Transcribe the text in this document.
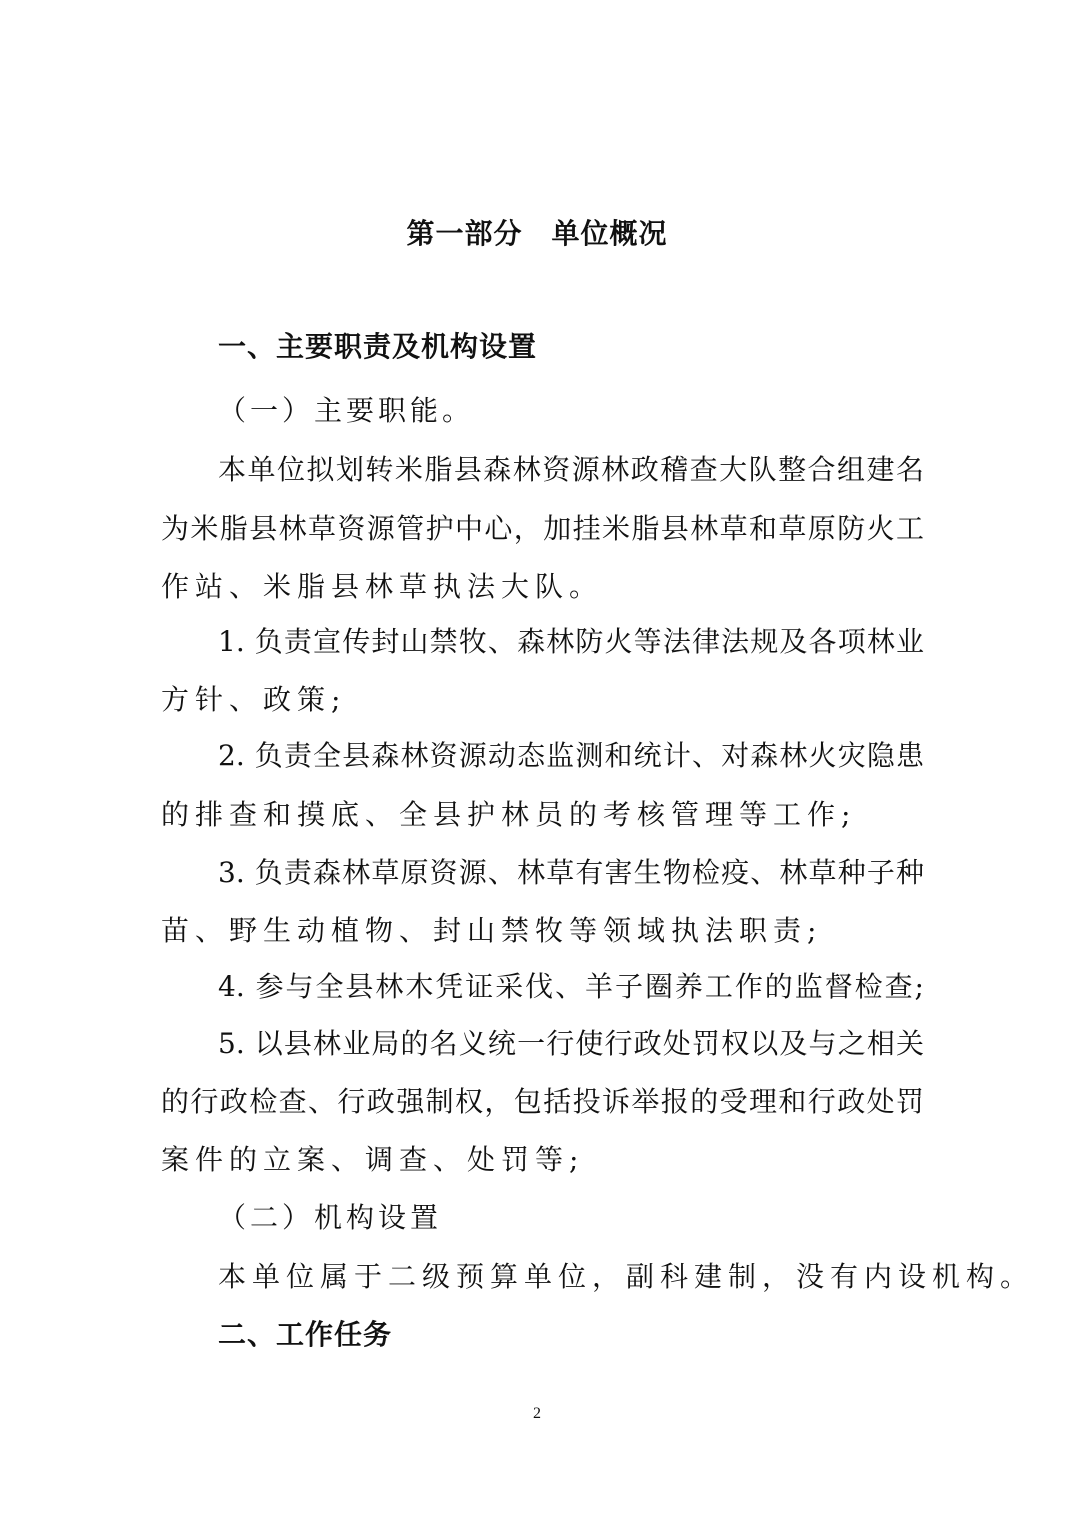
第一部分　单位概况
一、主要职责及机构设置
（一）主要职能。
本单位拟划转米脂县森林资源林政稽查大队整合组建名
为米脂县林草资源管护中心，加挂米脂县林草和草原防火工
作站、米脂县林草执法大队。
1. 负责宣传封山禁牧、森林防火等法律法规及各项林业
方针、政策;
2. 负责全县森林资源动态监测和统计、对森林火灾隐患
的排查和摸底、全县护林员的考核管理等工作;
3. 负责森林草原资源、林草有害生物检疫、林草种子种
苗、野生动植物、封山禁牧等领域执法职责;
4. 参与全县林木凭证采伐、羊子圈养工作的监督检查;
5. 以县林业局的名义统一行使行政处罚权以及与之相关
的行政检查、行政强制权，包括投诉举报的受理和行政处罚
案件的立案、调查、处罚等;
（二）机构设置
本单位属于二级预算单位，副科建制，没有内设机构。
二、工作任务
2
